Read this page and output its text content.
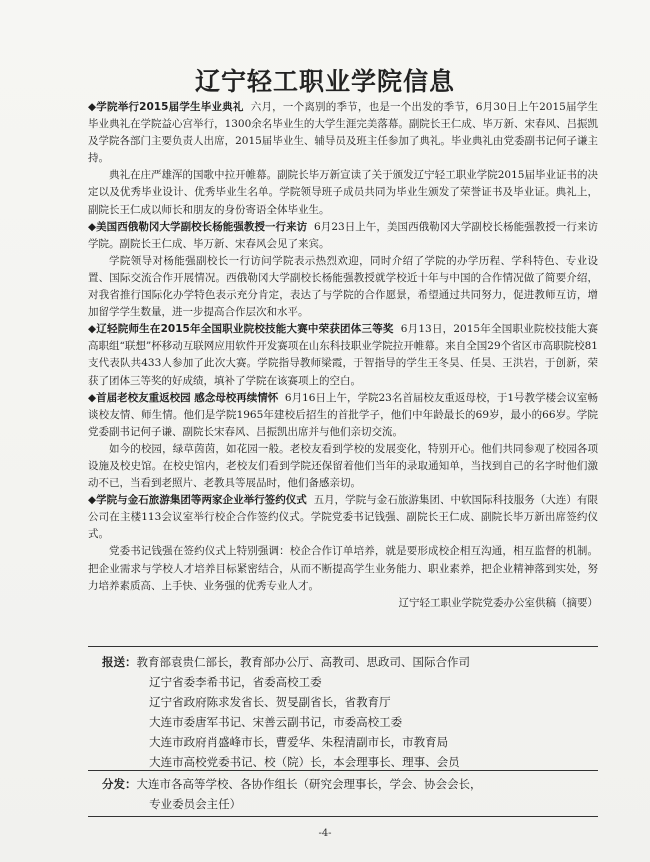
辽宁轻工职业学院信息

◆学院举行2015届学生毕业典礼 六月，一个离别的季节，也是一个出发的季节，6月30日上午2015届学生毕业典礼在学院益心宫举行，1300余名毕业生的大学生涯完美落幕。副院长王仁成、毕万新、宋春风、吕振凯及学院各部门主要负责人出席，2015届毕业生、辅导员及班主任参加了典礼。毕业典礼由党委副书记何子谦主持。

典礼在庄严雄浑的国歌中拉开帷幕。副院长毕万新宣读了关于颁发辽宁轻工职业学院2015届毕业证书的决定以及优秀毕业设计、优秀毕业生名单。学院领导班子成员共同为毕业生颁发了荣誉证书及毕业证。典礼上，副院长王仁成以师长和朋友的身份寄语全体毕业生。

◆美国西俄勒冈大学副校长杨能强教授一行来访 6月23日上午，美国西俄勒冈大学副校长杨能强教授一行来访学院。副院长王仁成、毕万新、宋春风会见了来宾。

学院领导对杨能强副校长一行访问学院表示热烈欢迎，同时介绍了学院的办学历程、学科特色、专业设置、国际交流合作开展情况。西俄勒冈大学副校长杨能强教授就学校近十年与中国的合作情况做了简要介绍，对我省推行国际化办学特色表示充分肯定，表达了与学院的合作愿景，希望通过共同努力，促进教师互访，增加留学学生数量，进一步提高合作层次和水平。

◆辽轻院师生在2015年全国职业院校技能大赛中荣获团体三等奖 6月13日，2015年全国职业院校技能大赛高职组“联想”杯移动互联网应用软件开发赛项在山东科技职业学院拉开帷幕。来自全国29个省区市高职院校81支代表队共433人参加了此次大赛。学院指导教师梁霞，于智指导的学生王冬昊、任昊、王洪岩，于创新，荣获了团体三等奖的好成绩，填补了学院在该赛项上的空白。

◆首届老校友重返校园 感念母校再续情怀 6月16日上午，学院23名首届校友重返母校，于1号教学楼会议室畅谈校友情、师生情。他们是学院1965年建校后招生的首批学子，他们中年龄最长的69岁，最小的66岁。学院党委副书记何子谦、副院长宋春风、吕振凯出席并与他们亲切交流。

如今的校园，绿草茵茵，如花园一般。老校友看到学校的发展变化，特别开心。他们共同参观了校园各项设施及校史馆。在校史馆内，老校友们看到学院还保留着他们当年的录取通知单，当找到自己的名字时他们激动不已，当看到老照片、老教具等展品时，他们备感亲切。

◆学院与金石旅游集团等两家企业举行签约仪式 五月，学院与金石旅游集团、中软国际科技服务（大连）有限公司在主楼113会议室举行校企合作签约仪式。学院党委书记钱强、副院长王仁成、副院长毕万新出席签约仪式。

党委书记钱强在签约仪式上特别强调：校企合作订单培养，就是要形成校企相互沟通，相互监督的机制。把企业需求与学校人才培养目标紧密结合，从而不断提高学生业务能力、职业素养，把企业精神落到实处，努力培养素质高、上手快、业务强的优秀专业人才。

辽宁轻工职业学院党委办公室供稿（摘要）

报送：教育部袁贵仁部长，教育部办公厅、高教司、思政司、国际合作司
辽宁省委李希书记，省委高校工委
辽宁省政府陈求发省长、贺旻副省长，省教育厅
大连市委唐军书记、宋善云副书记，市委高校工委
大连市政府肖盛峰市长，曹爱华、朱程清副市长，市教育局
大连市高校党委书记、校（院）长，本会理事长、理事、会员
分发：大连市各高等学校、各协作组长（研究会理事长，学会、协会会长，
专业委员会主任）
-4-
